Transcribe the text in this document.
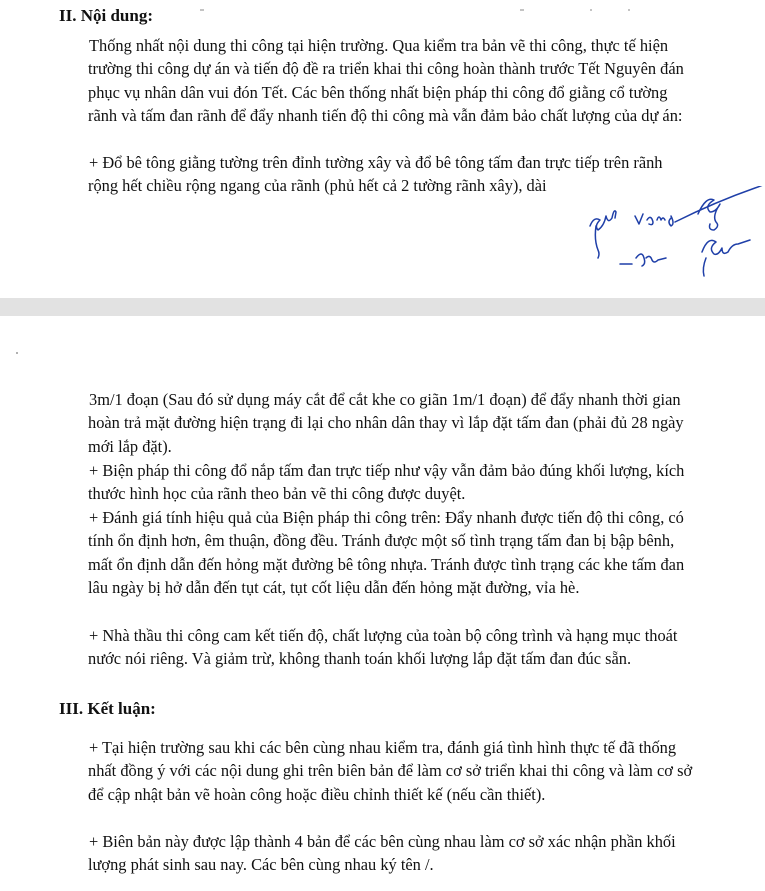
II. Nội dung:

Thống nhất nội dung thi công tại hiện trường. Qua kiểm tra bản vẽ thi công, thực tế hiện trường thi công dự án và tiến độ đề ra triển khai thi công hoàn thành trước Tết Nguyên đán phục vụ nhân dân vui đón Tết. Các bên thống nhất biện pháp thi công đổ giằng cổ tường rãnh và tấm đan rãnh để đẩy nhanh tiến độ thi công mà vẫn đảm bảo chất lượng của dự án:

+ Đổ bê tông giằng tường trên đỉnh tường xây và đổ bê tông tấm đan trực tiếp trên rãnh rộng hết chiều rộng ngang của rãnh (phủ hết cả 2 tường rãnh xây), dài

3m/1 đoạn (Sau đó sử dụng máy cắt để cắt khe co giãn 1m/1 đoạn) để đẩy nhanh thời gian hoàn trả mặt đường hiện trạng đi lại cho nhân dân thay vì lắp đặt tấm đan (phải đủ 28 ngày mới lắp đặt).

+ Biện pháp thi công đổ nắp tấm đan trực tiếp như vậy vẫn đảm bảo đúng khối lượng, kích thước hình học của rãnh theo bản vẽ thi công được duyệt.

+ Đánh giá tính hiệu quả của Biện pháp thi công trên: Đẩy nhanh được tiến độ thi công, có tính ổn định hơn, êm thuận, đồng đều. Tránh được một số tình trạng tấm đan bị bập bênh, mất ổn định dẫn đến hỏng mặt đường bê tông nhựa. Tránh được tình trạng các khe tấm đan lâu ngày bị hở dẫn đến tụt cát, tụt cốt liệu dẫn đến hỏng mặt đường, vỉa hè.

+ Nhà thầu thi công cam kết tiến độ, chất lượng của toàn bộ công trình và hạng mục thoát nước nói riêng. Và giảm trừ, không thanh toán khối lượng lắp đặt tấm đan đúc sẵn.

III. Kết luận:

+ Tại hiện trường sau khi các bên cùng nhau kiểm tra, đánh giá tình hình thực tế đã thống nhất đồng ý với các nội dung ghi trên biên bản để làm cơ sở triển khai thi công và làm cơ sở để cập nhật bản vẽ hoàn công hoặc điều chỉnh thiết kế (nếu cần thiết).

+ Biên bản này được lập thành 4 bản để các bên cùng nhau làm cơ sở xác nhận phần khối lượng phát sinh sau nay. Các bên cùng nhau ký tên /.
